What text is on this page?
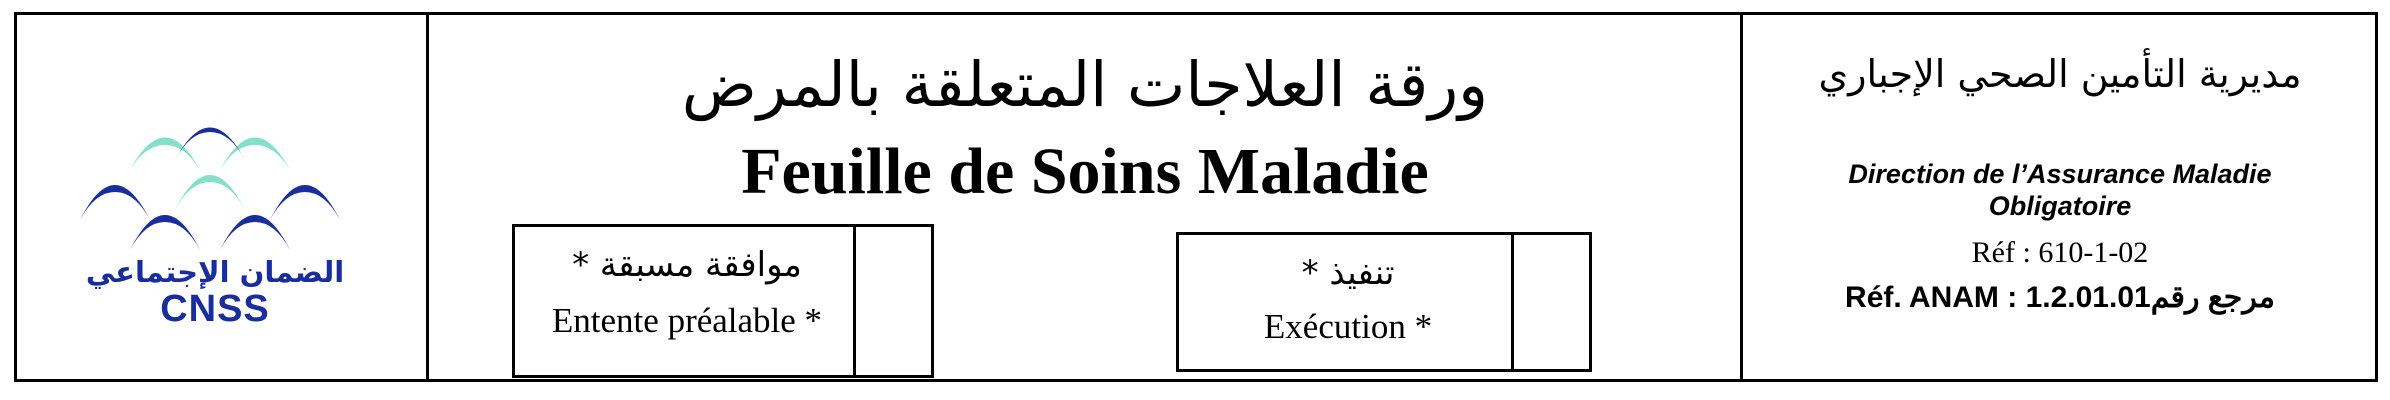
الضمان الإجتماعي
CNSS
ورقة العلاجات المتعلقة بالمرض
Feuille de Soins Maladie
موافقة مسبقة *
Entente préalable *
تنفيذ *
Exécution *
مديرية التأمين الصحي الإجباري
Direction de l’Assurance Maladie
Obligatoire
Réf : 610-1-02
Réf. ANAM : 1.2.01.01مرجع رقم
